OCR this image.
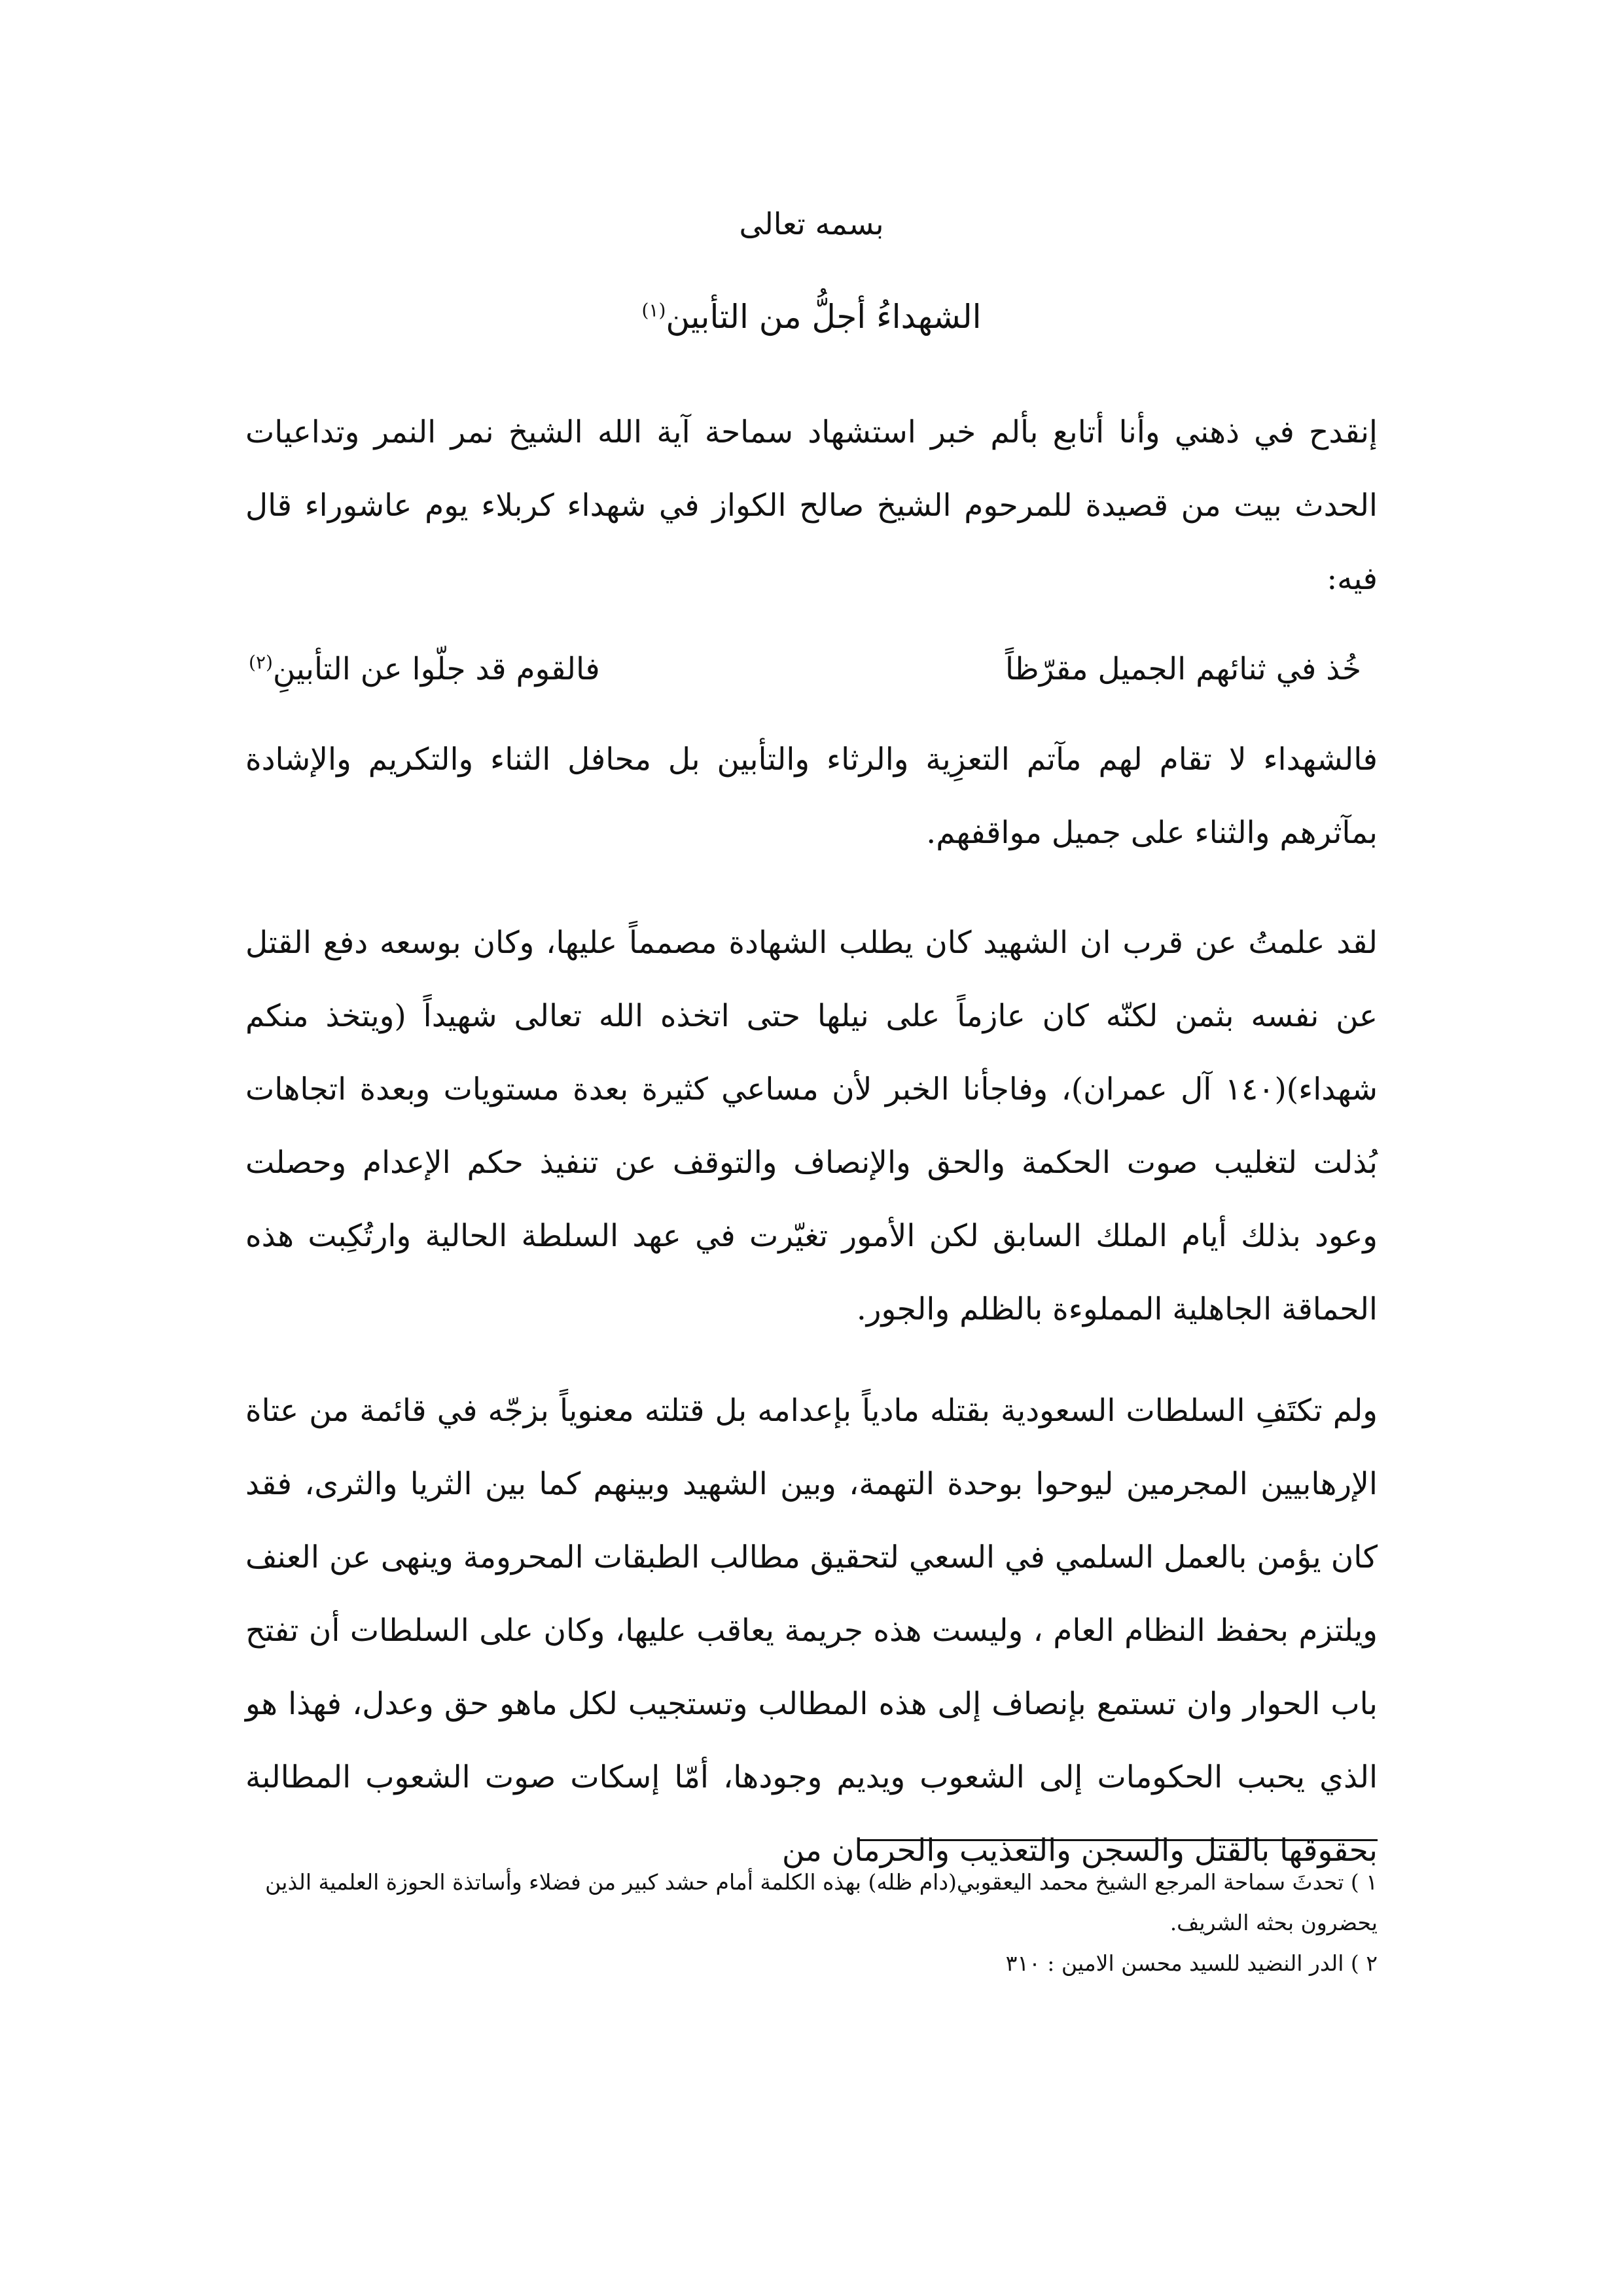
بسمه تعالى
الشهداءُ أجلُّ من التأبين$^{(١)}$

إنقدح في ذهني وأنا أتابع بألم خبر استشهاد سماحة آية الله الشيخ نمر النمر وتداعيات الحدث بيت من قصيدة للمرحوم الشيخ صالح الكواز في شهداء كربلاء يوم عاشوراء قال فيه:

خُذ في ثنائهم الجميل مقرّظاً
فالقوم قد جلّوا عن التأبينِ$^{(٢)}$

فالشهداء لا تقام لهم مآتم التعزِية والرثاء والتأبين بل محافل الثناء والتكريم والإشادة بمآثرهم والثناء على جميل مواقفهم.

لقد علمتُ عن قرب ان الشهيد كان يطلب الشهادة مصمماً عليها، وكان بوسعه دفع القتل عن نفسه بثمن لكنّه كان عازماً على نيلها حتى اتخذه الله تعالى شهيداً (ويتخذ منكم شهداء)(١٤٠ آل عمران)، وفاجأنا الخبر لأن مساعي كثيرة بعدة مستويات وبعدة اتجاهات بُذلت لتغليب صوت الحكمة والحق والإنصاف والتوقف عن تنفيذ حكم الإعدام وحصلت وعود بذلك أيام الملك السابق لكن الأمور تغيّرت في عهد السلطة الحالية وارتُكِبت هذه الحماقة الجاهلية المملوءة بالظلم والجور.

ولم تكتَفِ السلطات السعودية بقتله مادياً بإعدامه بل قتلته معنوياً بزجّه في قائمة من عتاة الإرهابيين المجرمين ليوحوا بوحدة التهمة، وبين الشهيد وبينهم كما بين الثريا والثرى، فقد كان يؤمن بالعمل السلمي في السعي لتحقيق مطالب الطبقات المحرومة وينهى عن العنف ويلتزم بحفظ النظام العام ، وليست هذه جريمة يعاقب عليها، وكان على السلطات أن تفتح باب الحوار وان تستمع بإنصاف إلى هذه المطالب وتستجيب لكل ماهو حق وعدل، فهذا هو الذي يحبب الحكومات إلى الشعوب ويديم وجودها، أمّا إسكات صوت الشعوب المطالبة بحقوقها بالقتل والسجن والتعذيب والحرمان من

١ ) تحدثَ سماحة المرجع الشيخ محمد اليعقوبي(دام ظله) بهذه الكلمة أمام حشد كبير من فضلاء وأساتذة الحوزة العلمية الذين يحضرون بحثه الشريف.

٢ ) الدر النضيد للسيد محسن الامين : ٣١٠
